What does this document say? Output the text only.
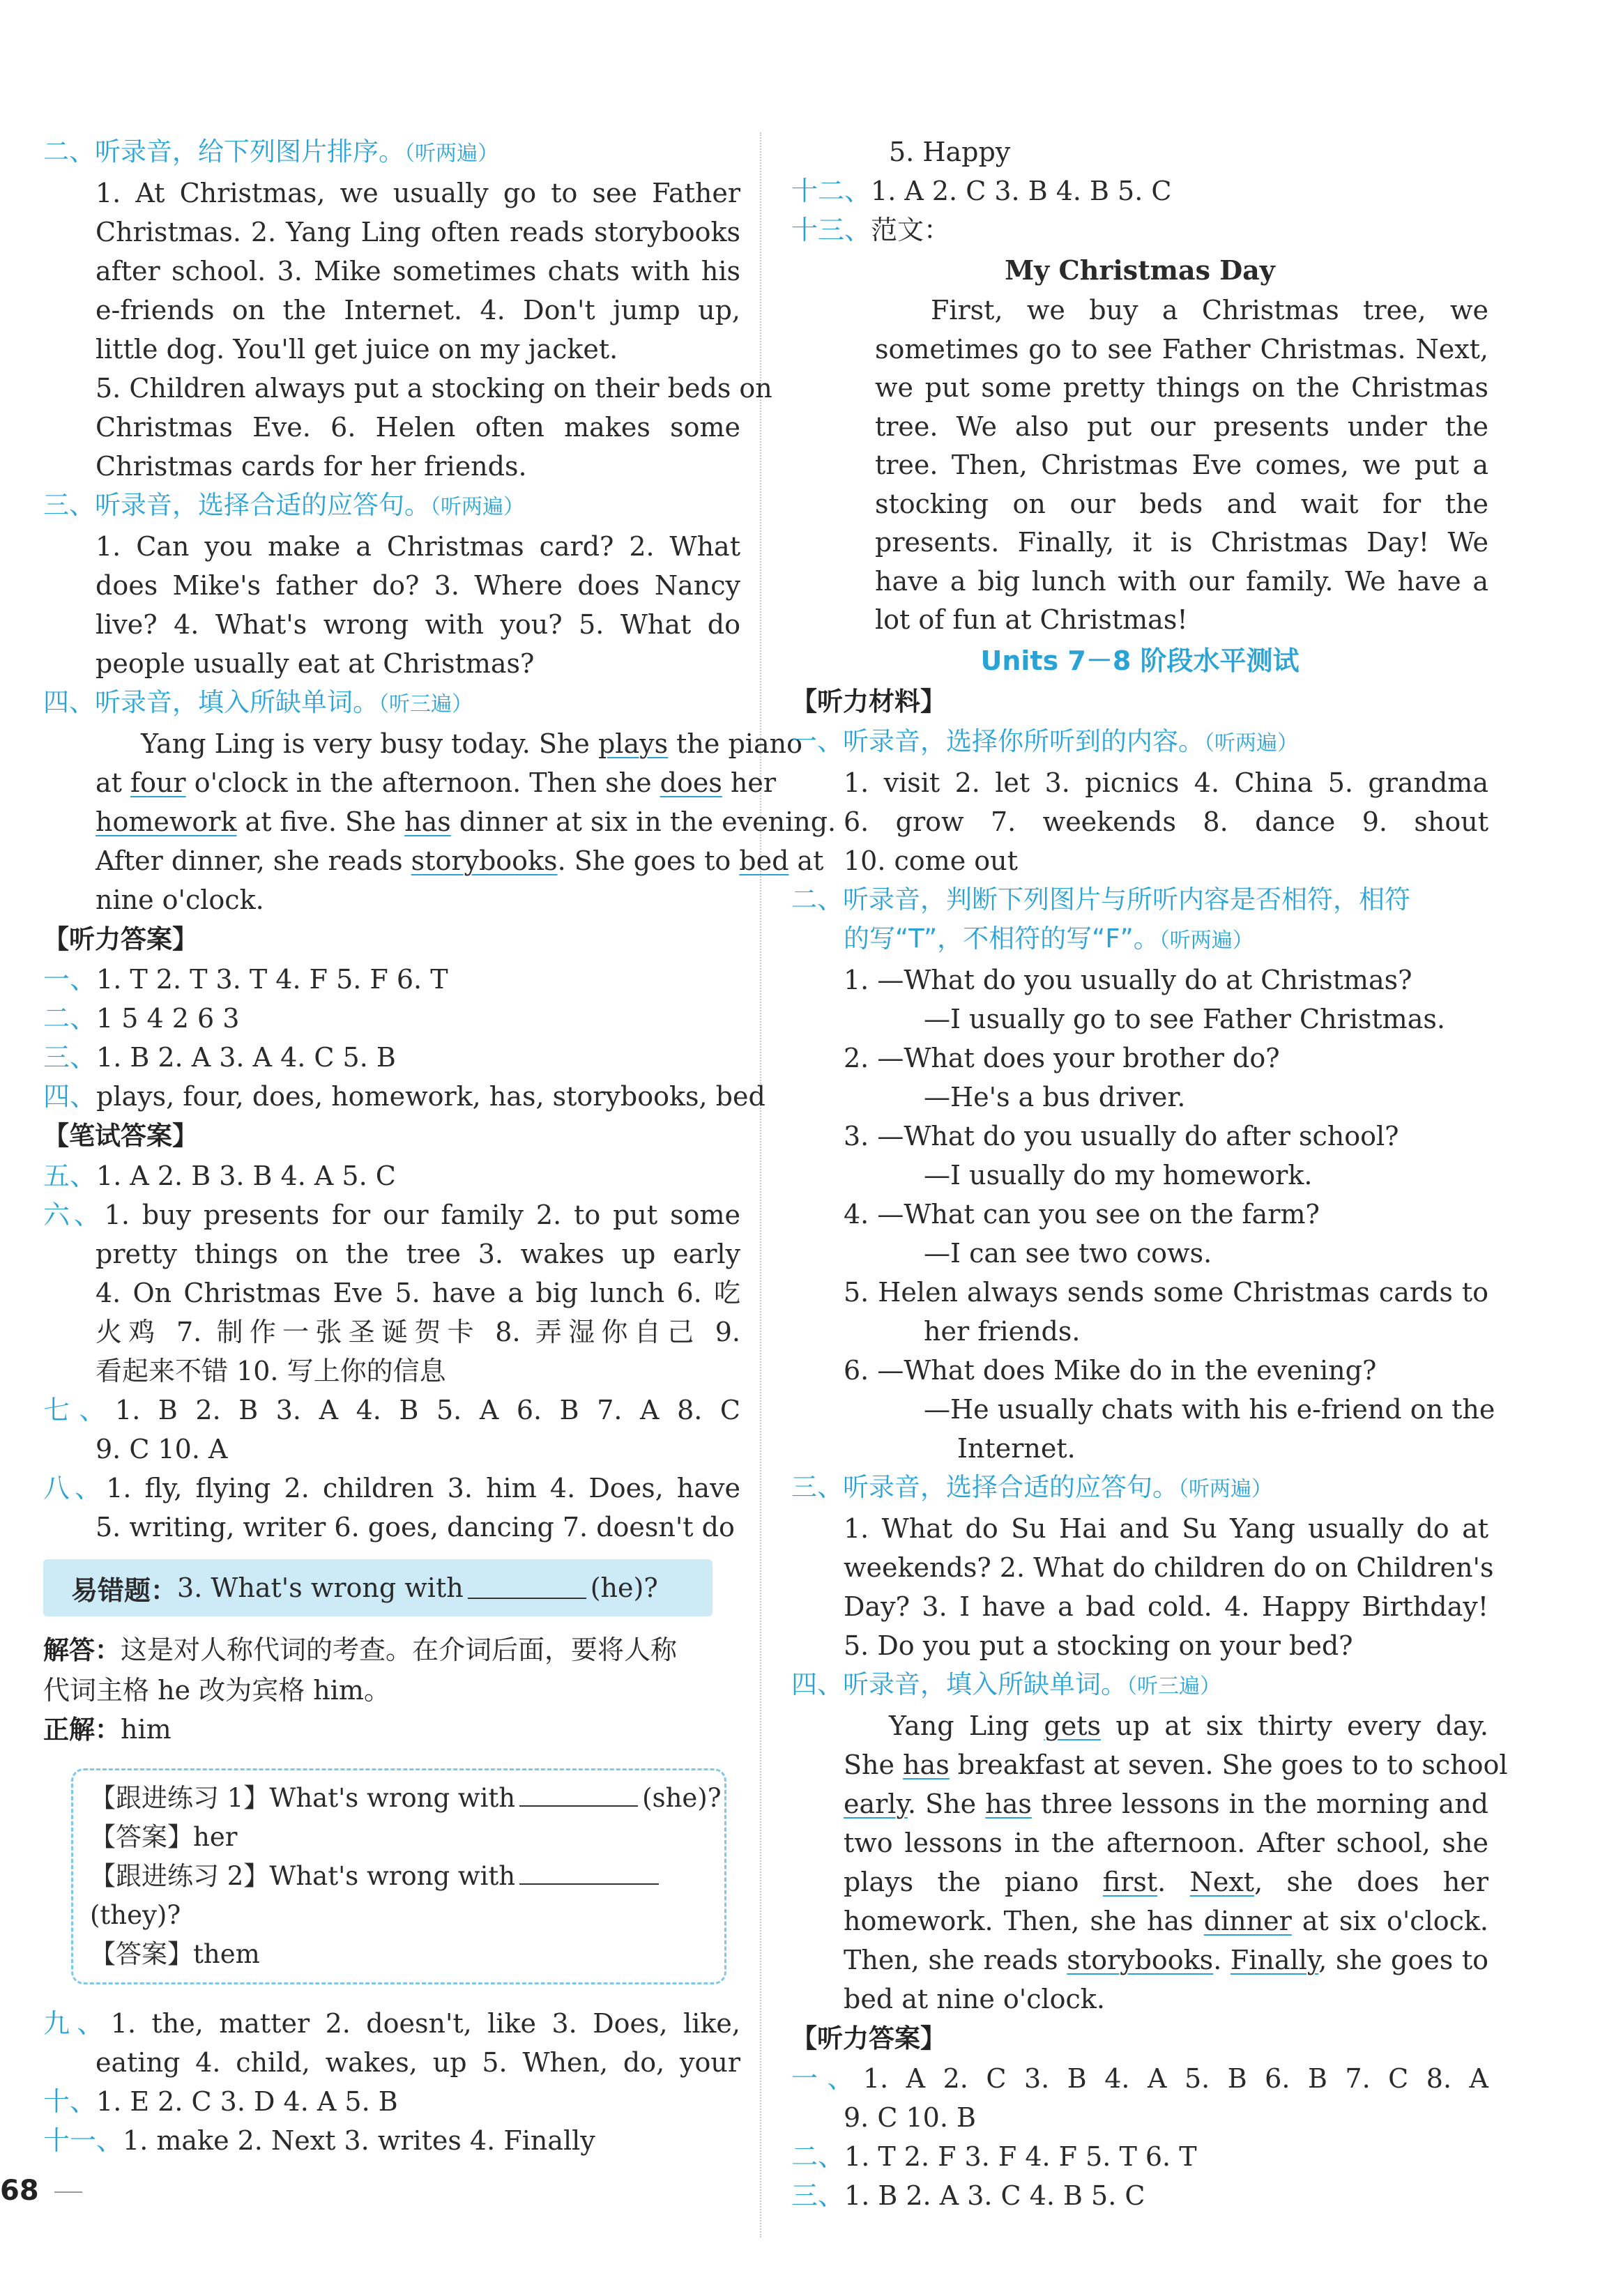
二、听录音，给下列图片排序。（听两遍）
1. At Christmas, we usually go to see Father
Christmas. 2. Yang Ling often reads storybooks
after school. 3. Mike sometimes chats with his
e-friends on the Internet. 4. Don't jump up,
little dog. You'll get juice on my jacket.
5. Children always put a stocking on their beds on
Christmas Eve. 6. Helen often makes some
Christmas cards for her friends.
三、听录音，选择合适的应答句。（听两遍）
1. Can you make a Christmas card? 2. What
does Mike's father do? 3. Where does Nancy
live? 4. What's wrong with you? 5. What do
people usually eat at Christmas?
四、听录音，填入所缺单词。（听三遍）
Yang Ling is very busy today. She plays the piano
at four o'clock in the afternoon. Then she does her
homework at five. She has dinner at six in the evening.
After dinner, she reads storybooks. She goes to bed at
nine o'clock.
【听力答案】
一、1. T 2. T 3. T 4. F 5. F 6. T
二、1 5 4 2 6 3
三、1. B 2. A 3. A 4. C 5. B
四、plays, four, does, homework, has, storybooks, bed
【笔试答案】
五、1. A 2. B 3. B 4. A 5. C
六、1. buy presents for our family 2. to put some
pretty things on the tree 3. wakes up early
4. On Christmas Eve 5. have a big lunch 6. 吃
火鸡 7. 制作一张圣诞贺卡 8. 弄湿你自己 9.
看起来不错 10. 写上你的信息
七、1. B 2. B 3. A 4. B 5. A 6. B 7. A 8. C
9. C 10. A
八、1. fly, flying 2. children 3. him 4. Does, have
5. writing, writer 6. goes, dancing 7. doesn't do
易错题： 3. What's wrong with	(he)?
解答：这是对人称代词的考查。在介词后面，要将人称
代词主格 he 改为宾格 him。
正解：him
【跟进练习 1】What's wrong with	(she)?
【答案】her
【跟进练习 2】What's wrong with
(they)?
【答案】them
九、1. the, matter 2. doesn't, like 3. Does, like,
eating 4. child, wakes, up 5. When, do, your
十、1. E 2. C 3. D 4. A 5. B
十一、1. make 2. Next 3. writes 4. Finally
5. Happy
十二、1. A 2. C 3. B 4. B 5. C
十三、范文：
My Christmas Day

First, we buy a Christmas tree, we sometimes go to see Father Christmas. Next, we put some pretty things on the Christmas tree. We also put our presents under the tree. Then, Christmas Eve comes, we put a stocking on our beds and wait for the presents. Finally, it is Christmas Day! We have a big lunch with our family. We have a lot of fun at Christmas!

Units 7－8 阶段水平测试
【听力材料】
一、听录音，选择你所听到的内容。（听两遍）
1. visit 2. let 3. picnics 4. China 5. grandma
6. grow 7. weekends 8. dance 9. shout
10. come out
二、听录音，判断下列图片与所听内容是否相符，相符
的写“T”，不相符的写“F”。（听两遍）
1. —What do you usually do at Christmas?
—I usually go to see Father Christmas.
2. —What does your brother do?
—He's a bus driver.
3. —What do you usually do after school?
—I usually do my homework.
4. —What can you see on the farm?
—I can see two cows.
5. Helen always sends some Christmas cards to
her friends.
6. —What does Mike do in the evening?
—He usually chats with his e-friend on the
Internet.
三、听录音，选择合适的应答句。（听两遍）
1. What do Su Hai and Su Yang usually do at
weekends? 2. What do children do on Children's
Day? 3. I have a bad cold. 4. Happy Birthday!
5. Do you put a stocking on your bed?
四、听录音，填入所缺单词。（听三遍）
Yang Ling gets up at six thirty every day.
She has breakfast at seven. She goes to to school
early. She has three lessons in the morning and
two lessons in the afternoon. After school, she
plays the piano first. Next, she does her
homework. Then, she has dinner at six o'clock.
Then, she reads storybooks. Finally, she goes to
bed at nine o'clock.
【听力答案】
一、1. A 2. C 3. B 4. A 5. B 6. B 7. C 8. A
9. C 10. B
二、1. T 2. F 3. F 4. F 5. T 6. T
三、1. B 2. A 3. C 4. B 5. C
68
